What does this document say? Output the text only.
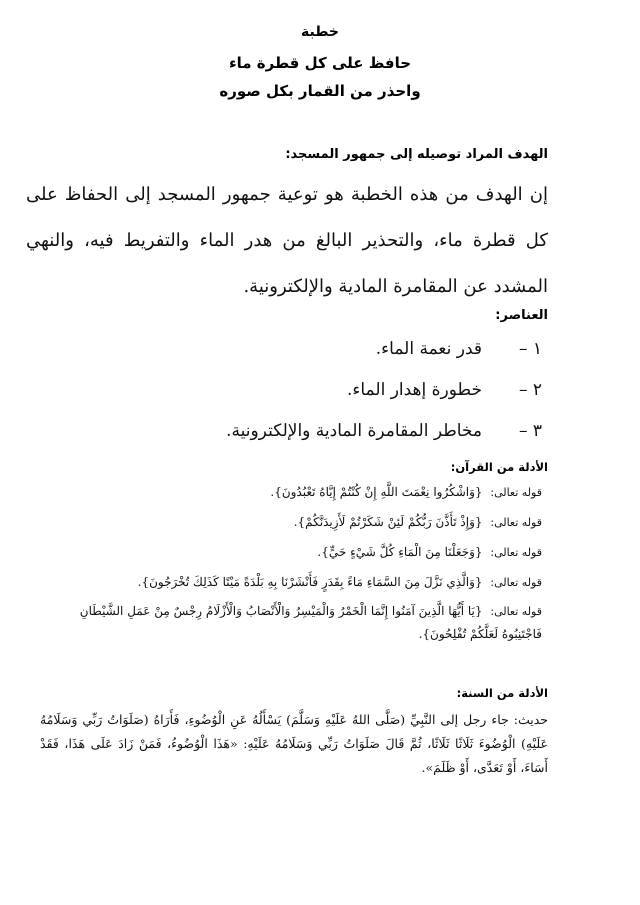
خطبة
حافظ على كل قطرة ماء
واحذر من القمار بكل صوره
الهدف المراد توصيله إلى جمهور المسجد:
إن الهدف من هذه الخطبة هو توعية جمهور المسجد إلى الحفاظ على كل قطرة ماء، والتحذير البالغ من هدر الماء والتفريط فيه، والنهي المشدد عن المقامرة المادية والإلكترونية.
العناصر:
١ –
قدر نعمة الماء.
٢ –
خطورة إهدار الماء.
٣ –
مخاطر المقامرة المادية والإلكترونية.
الأدلة من القرآن:
قوله تعالى: {وَاشْكُرُوا نِعْمَتَ اللَّهِ إِنْ كُنْتُمْ إِيَّاهُ تَعْبُدُونَ}.
قوله تعالى: {وَإِذْ تَأَذَّنَ رَبُّكُمْ لَئِنْ شَكَرْتُمْ لَأَزِيدَنَّكُمْ}.
قوله تعالى: {وَجَعَلْنَا مِنَ الْمَاءِ كُلَّ شَيْءٍ حَيٍّ}.
قوله تعالى: {وَالَّذِي نَزَّلَ مِنَ السَّمَاءِ مَاءً بِقَدَرٍ فَأَنْشَرْنَا بِهِ بَلْدَةً مَيْتًا كَذَلِكَ تُخْرَجُونَ}.
قوله تعالى: {يَا أَيُّهَا الَّذِينَ آمَنُوا إِنَّمَا الْخَمْرُ وَالْمَيْسِرُ وَالْأَنْصَابُ وَالْأَزْلَامُ رِجْسٌ مِنْ عَمَلِ الشَّيْطَانِ فَاجْتَنِبُوهُ لَعَلَّكُمْ تُفْلِحُونَ}.
الأدلة من السنة:
حديث: جاء رجل إلى النَّبِيِّ (صَلَّى اللهُ عَلَيْهِ وَسَلَّمَ) يَسْأَلُهُ عَنِ الْوُضُوءِ، فَأَرَاهُ (صَلَوَاتُ رَبِّي وَسَلَامُهُ عَلَيْهِ) الْوُضُوءَ ثَلَاثًا ثَلَاثًا، ثُمَّ قَالَ صَلَوَاتُ رَبِّي وَسَلَامُهُ عَلَيْهِ: «هَذَا الْوُضُوءُ، فَمَنْ زَادَ عَلَى هَذَا، فَقَدْ أَسَاءَ، أَوْ تَعَدَّى، أَوْ ظَلَمَ».
